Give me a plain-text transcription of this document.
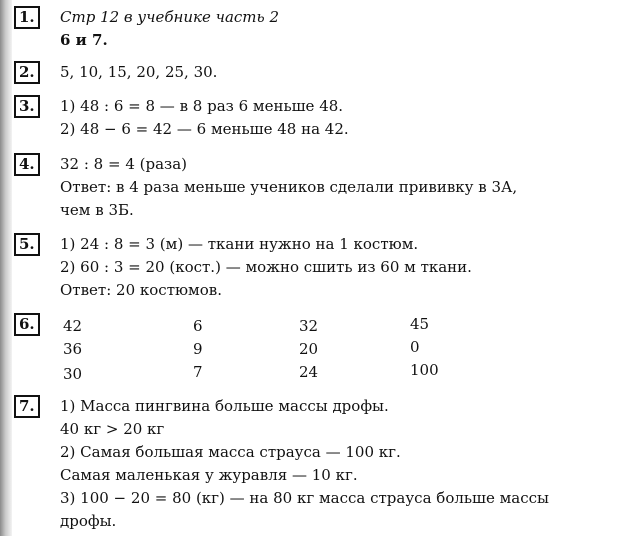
1.	Стр 12 в учебнике часть 2
6 и 7.
2.	5, 10, 15, 20, 25, 30.
3.	1) 48 : 6 = 8 — в 8 раз 6 меньше 48.
2) 48 − 6 = 42 — 6 меньше 48 на 42.
4.	32 : 8 = 4 (раза)
Ответ: в 4 раза меньше учеников сделали прививку в 3А,
чем в 3Б.
5.	1) 24 : 8 = 3 (м) — ткани нужно на 1 костюм.
2) 60 : 3 = 20 (кост.) — можно сшить из 60 м ткани.
Ответ: 20 костюмов.
6.	42	6	32	45
36	9	20	0
30	7	24	100
7.	1) Масса пингвина больше массы дрофы.
40 кг > 20 кг
2) Самая большая масса страуса — 100 кг.
Самая маленькая у журавля — 10 кг.
3) 100 − 20 = 80 (кг) — на 80 кг масса страуса больше массы
дрофы.
